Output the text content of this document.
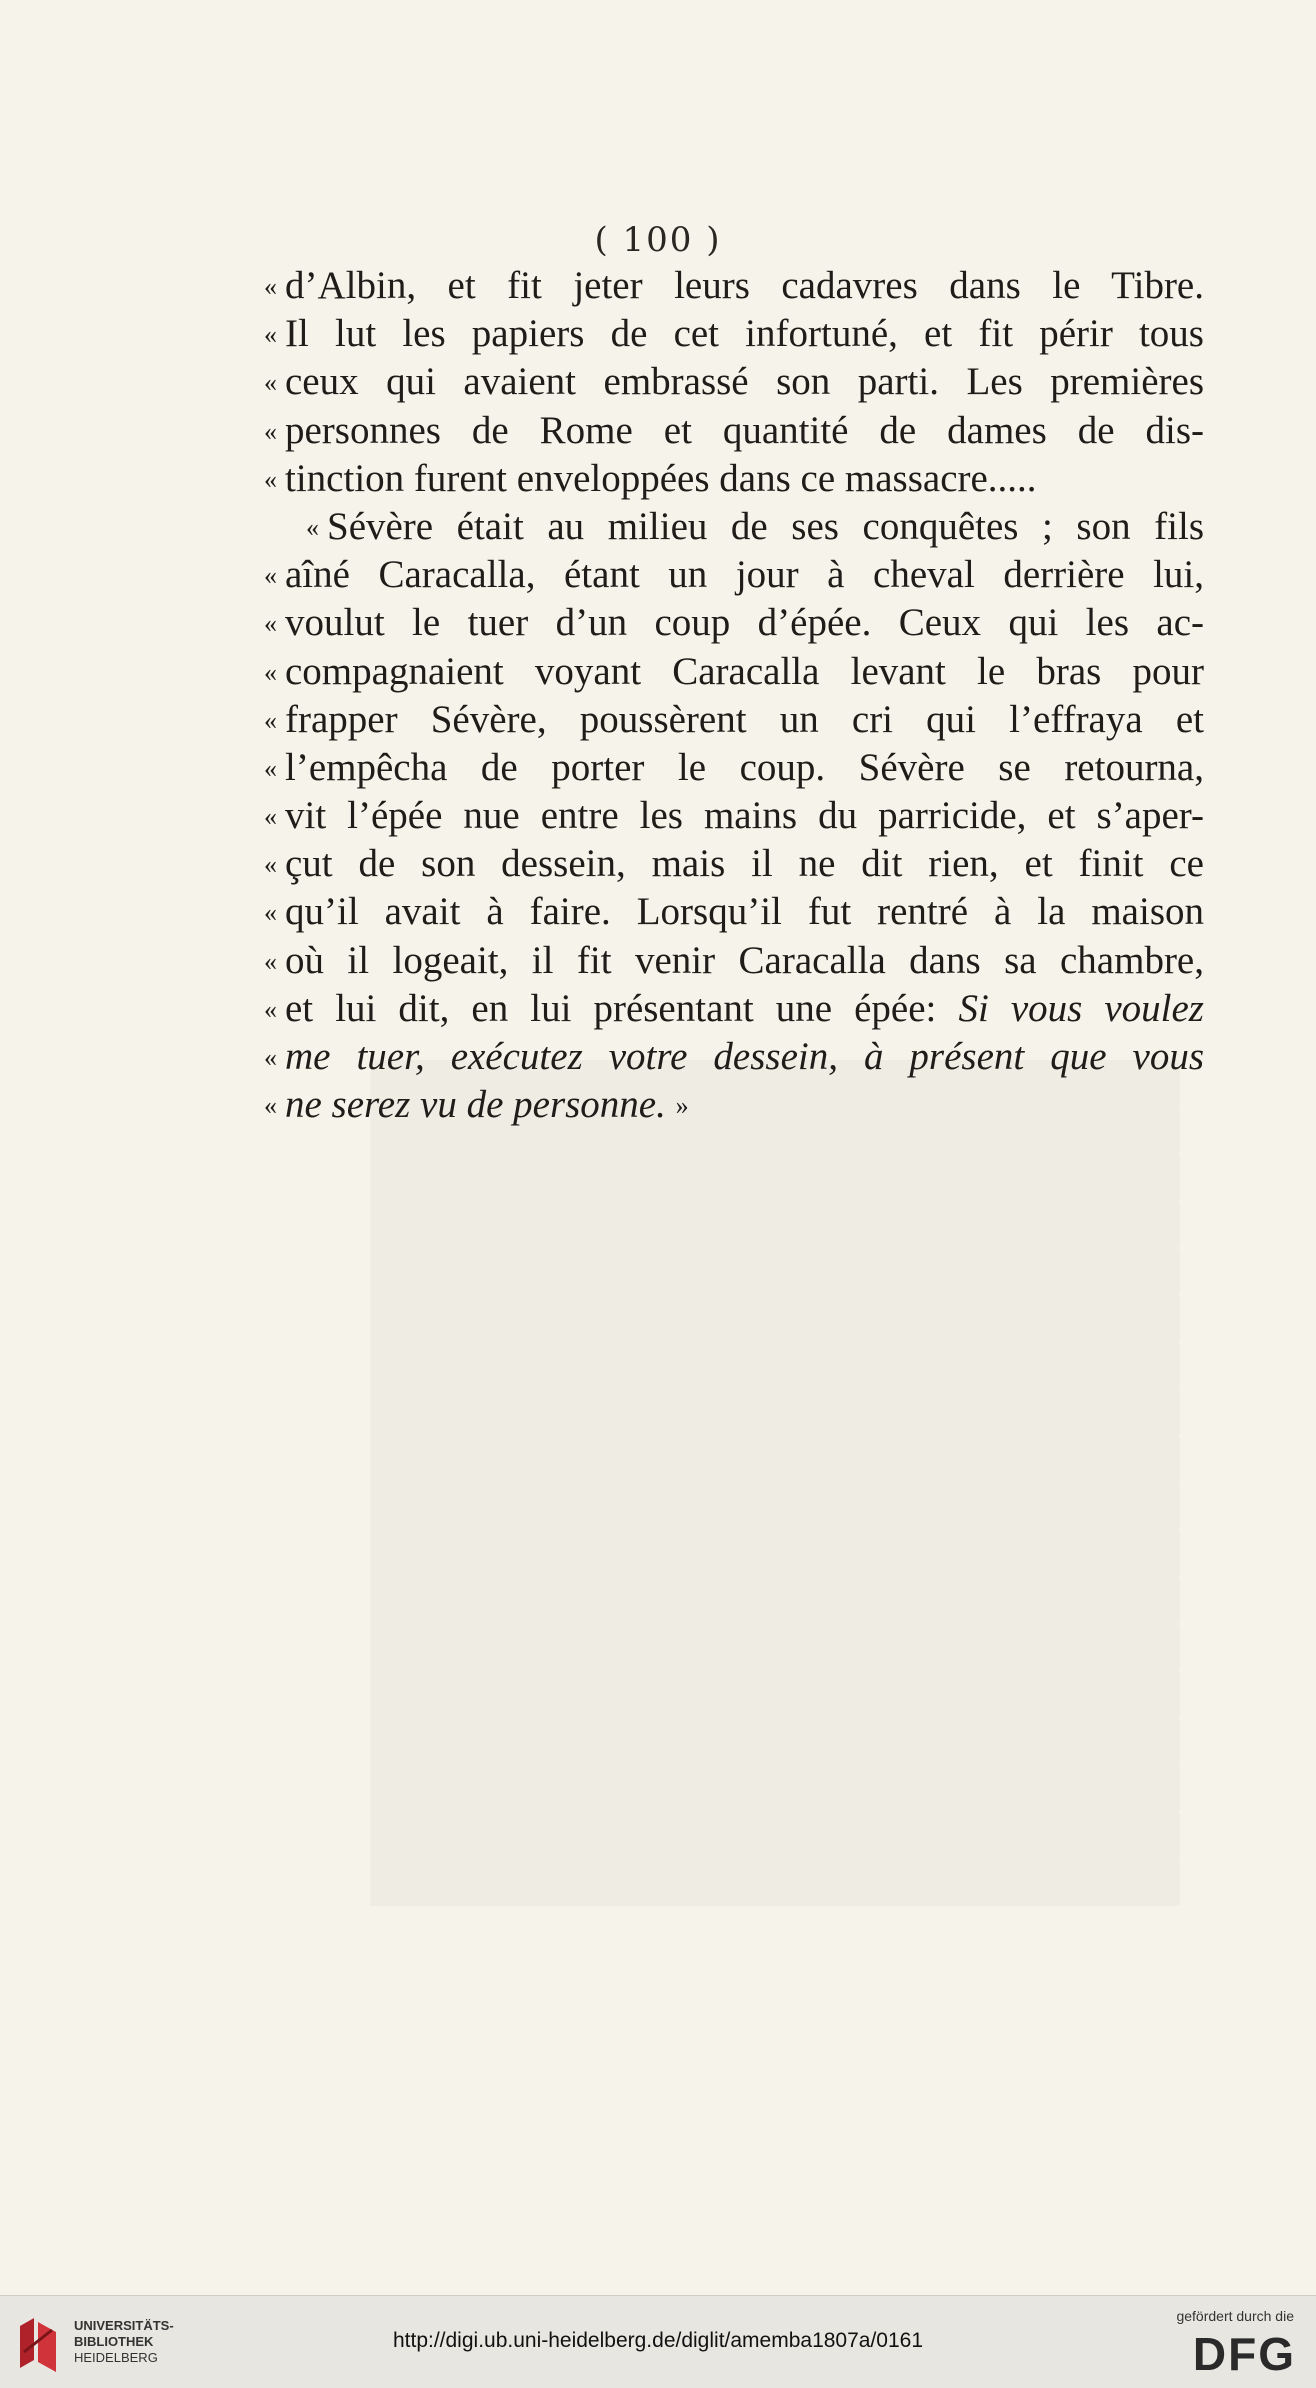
( 100 )
« d’Albin, et fit jeter leurs cadavres dans le Tibre.
« Il lut les papiers de cet infortuné, et fit périr tous
« ceux qui avaient embrassé son parti. Les premières
« personnes de Rome et quantité de dames de dis-
« tinction furent enveloppées dans ce massacre.....
« Sévère était au milieu de ses conquêtes ; son fils
« aîné Caracalla, étant un jour à cheval derrière lui,
« voulut le tuer d’un coup d’épée. Ceux qui les ac-
« compagnaient voyant Caracalla levant le bras pour
« frapper Sévère, poussèrent un cri qui l’effraya et
« l’empêcha de porter le coup. Sévère se retourna,
« vit l’épée nue entre les mains du parricide, et s’aper-
« çut de son dessein, mais il ne dit rien, et finit ce
« qu’il avait à faire. Lorsqu’il fut rentré à la maison
« où il logeait, il fit venir Caracalla dans sa chambre,
« et lui dit, en lui présentant une épée: Si vous voulez
« me tuer, exécutez votre dessein, à présent que vous
« ne serez vu de personne. »
UNIVERSITÄTS-
BIBLIOTHEK
HEIDELBERG
http://digi.ub.uni-heidelberg.de/diglit/amemba1807a/0161
gefördert durch die
DFG
